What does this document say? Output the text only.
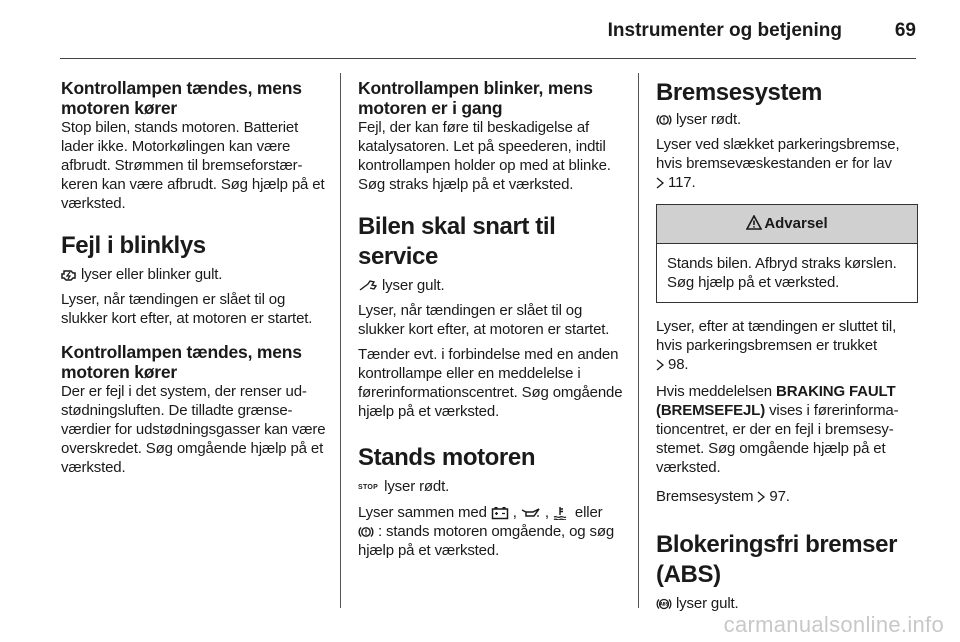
Instrumenter og betjening	69
Kontrollampen tændes, mens motoren kører

Stop bilen, stands motoren. Batteriet lader ikke. Motorkølingen kan være afbrudt. Strømmen til bremseforstærkeren kan være afbrudt. Søg hjælp på et værksted.

Fejl i blinklys

lyser eller blinker gult.

Lyser, når tændingen er slået til og slukker kort efter, at motoren er startet.

Kontrollampen tændes, mens motoren kører

Der er fejl i det system, der renser udstødningsluften. De tilladte grænseværdier for udstødningsgasser kan være overskredet. Søg omgående hjælp på et værksted.

Kontrollampen blinker, mens motoren er i gang

Fejl, der kan føre til beskadigelse af katalysatoren. Let på speederen, indtil kontrollampen holder op med at blinke. Søg straks hjælp på et værksted.

Bilen skal snart til service

lyser gult.

Lyser, når tændingen er slået til og slukker kort efter, at motoren er startet.

Tænder evt. i forbindelse med en anden kontrollampe eller en meddelelse i førerinformationscentret. Søg omgående hjælp på et værksted.

Stands motoren

STOP lyser rødt.

Lyser sammen med ,
,
eller

: stands motoren omgående, og søg hjælp på et værksted.

Bremsesystem

lyser rødt.

Lyser ved slækket parkeringsbremse, hvis bremsevæskestanden er for lav
117.

Advarsel

Stands bilen. Afbryd straks kørslen. Søg hjælp på et værksted.

Lyser, efter at tændingen er sluttet til, hvis parkeringsbremsen er trukket
98.

Hvis meddelelsen BRAKING FAULT (BREMSEFEJL) vises i førerinformationcentret, er der en fejl i bremsesystemet. Søg omgående hjælp på et værksted.

Bremsesystem 97.

Blokeringsfri bremser (ABS)

ABS lyser gult.

carmanualsonline.info
